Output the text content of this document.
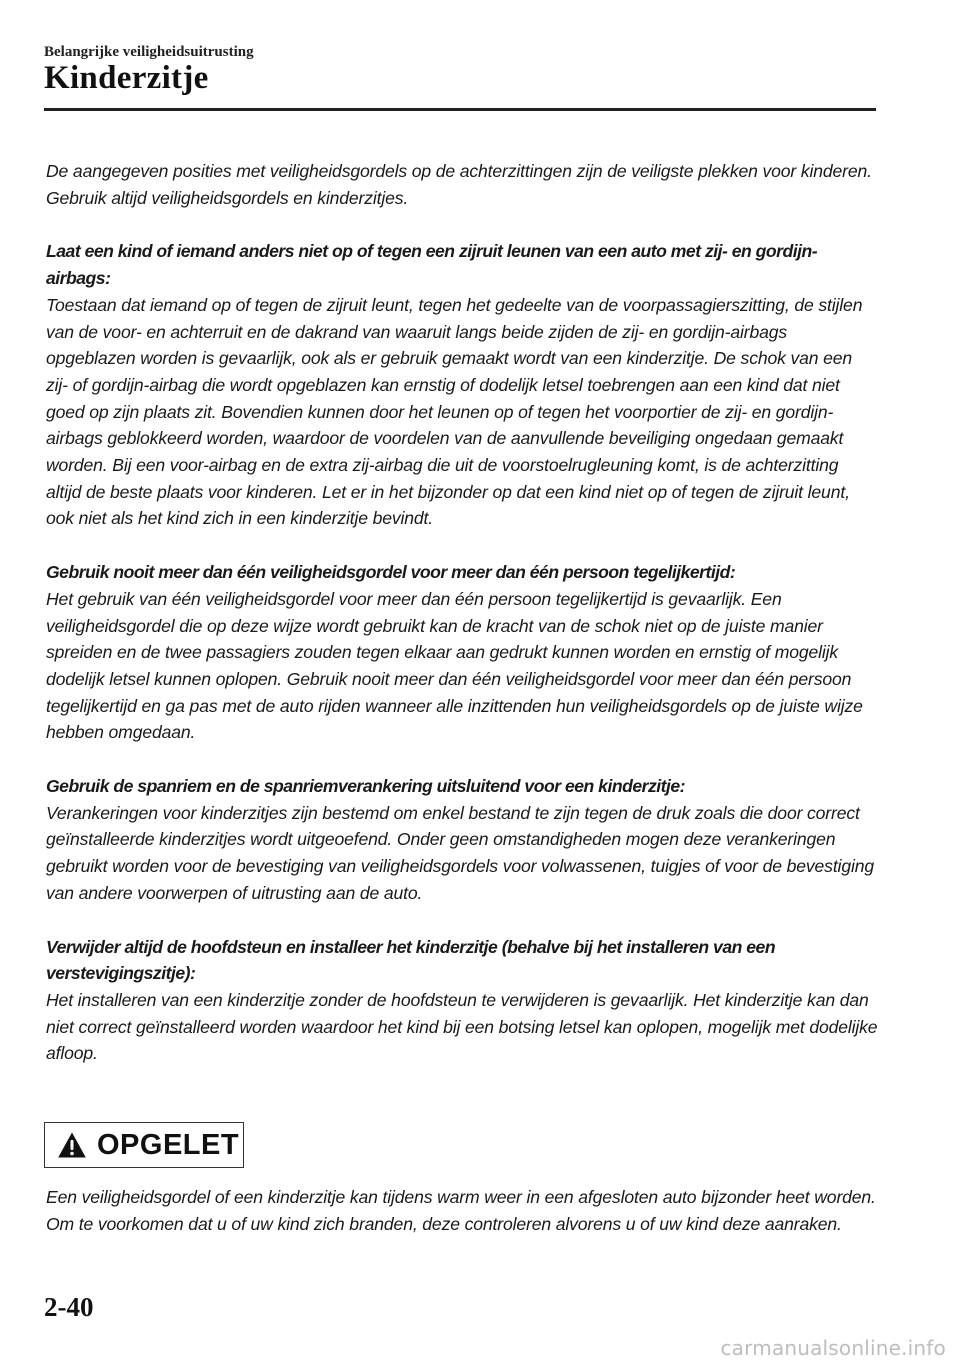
Belangrijke veiligheidsuitrusting
Kinderzitje

De aangegeven posities met veiligheidsgordels op de achterzittingen zijn de veiligste plekken voor kinderen. Gebruik altijd veiligheidsgordels en kinderzitjes.

Laat een kind of iemand anders niet op of tegen een zijruit leunen van een auto met zij- en gordijn-airbags:

Toestaan dat iemand op of tegen de zijruit leunt, tegen het gedeelte van de voorpassagierszitting, de stijlen van de voor- en achterruit en de dakrand van waaruit langs beide zijden de zij- en gordijn-airbags opgeblazen worden is gevaarlijk, ook als er gebruik gemaakt wordt van een kinderzitje. De schok van een zij- of gordijn-airbag die wordt opgeblazen kan ernstig of dodelijk letsel toebrengen aan een kind dat niet goed op zijn plaats zit. Bovendien kunnen door het leunen op of tegen het voorportier de zij- en gordijn-airbags geblokkeerd worden, waardoor de voordelen van de aanvullende beveiliging ongedaan gemaakt worden. Bij een voor-airbag en de extra zij-airbag die uit de voorstoelrugleuning komt, is de achterzitting altijd de beste plaats voor kinderen. Let er in het bijzonder op dat een kind niet op of tegen de zijruit leunt, ook niet als het kind zich in een kinderzitje bevindt.

Gebruik nooit meer dan één veiligheidsgordel voor meer dan één persoon tegelijkertijd:

Het gebruik van één veiligheidsgordel voor meer dan één persoon tegelijkertijd is gevaarlijk. Een veiligheidsgordel die op deze wijze wordt gebruikt kan de kracht van de schok niet op de juiste manier spreiden en de twee passagiers zouden tegen elkaar aan gedrukt kunnen worden en ernstig of mogelijk dodelijk letsel kunnen oplopen. Gebruik nooit meer dan één veiligheidsgordel voor meer dan één persoon tegelijkertijd en ga pas met de auto rijden wanneer alle inzittenden hun veiligheidsgordels op de juiste wijze hebben omgedaan.

Gebruik de spanriem en de spanriemverankering uitsluitend voor een kinderzitje:

Verankeringen voor kinderzitjes zijn bestemd om enkel bestand te zijn tegen de druk zoals die door correct geïnstalleerde kinderzitjes wordt uitgeoefend. Onder geen omstandigheden mogen deze verankeringen gebruikt worden voor de bevestiging van veiligheidsgordels voor volwassenen, tuigjes of voor de bevestiging van andere voorwerpen of uitrusting aan de auto.

Verwijder altijd de hoofdsteun en installeer het kinderzitje (behalve bij het installeren van een verstevigingszitje):

Het installeren van een kinderzitje zonder de hoofdsteun te verwijderen is gevaarlijk. Het kinderzitje kan dan niet correct geïnstalleerd worden waardoor het kind bij een botsing letsel kan oplopen, mogelijk met dodelijke afloop.

OPGELET

Een veiligheidsgordel of een kinderzitje kan tijdens warm weer in een afgesloten auto bijzonder heet worden. Om te voorkomen dat u of uw kind zich branden, deze controleren alvorens u of uw kind deze aanraken.

2-40
carmanualsonline.info
